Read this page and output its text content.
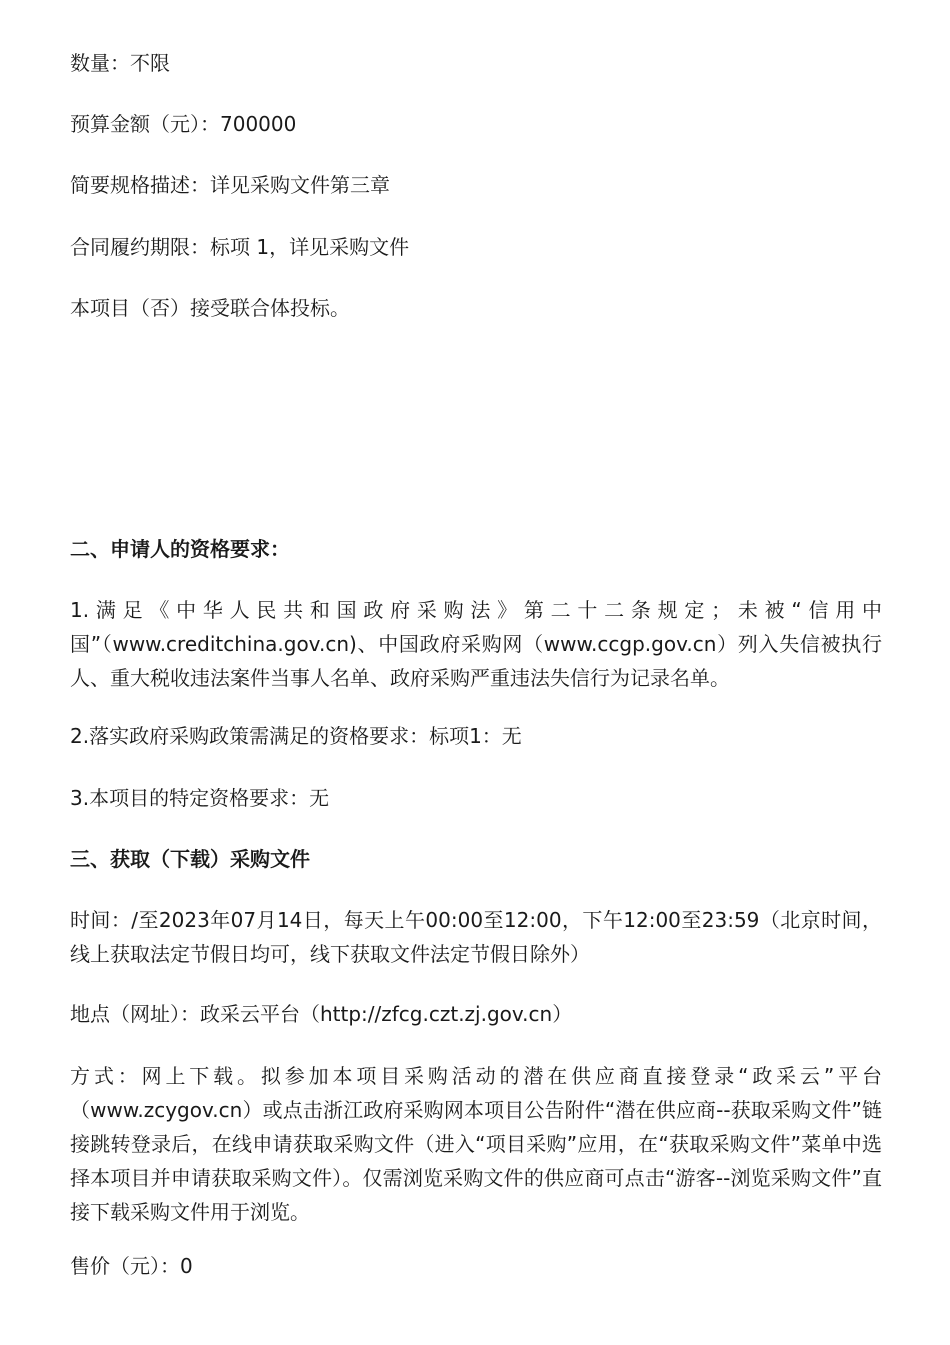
数量：不限

预算金额（元）：700000

简要规格描述：详见采购文件第三章

合同履约期限：标项 1，详见采购文件

本项目（否）接受联合体投标。

二、申请人的资格要求：

1.满足《中华人民共和国政府采购法》第二十二条规定；未被“信用中国”（www.creditchina.gov.cn)、中国政府采购网（www.ccgp.gov.cn）列入失信被执行人、重大税收违法案件当事人名单、政府采购严重违法失信行为记录名单。

2.落实政府采购政策需满足的资格要求：标项1：无

3.本项目的特定资格要求：无

三、获取（下载）采购文件

时间：/至2023年07月14日，每天上午00:00至12:00，下午12:00至23:59（北京时间，线上获取法定节假日均可，线下获取文件法定节假日除外）

地点（网址）：政采云平台（http://zfcg.czt.zj.gov.cn）

方式：网上下载。拟参加本项目采购活动的潜在供应商直接登录“政采云”平台（www.zcygov.cn）或点击浙江政府采购网本项目公告附件“潜在供应商--获取采购文件”链接跳转登录后，在线申请获取采购文件（进入“项目采购”应用，在“获取采购文件”菜单中选择本项目并申请获取采购文件）。仅需浏览采购文件的供应商可点击“游客--浏览采购文件”直接下载采购文件用于浏览。

售价（元）：0
